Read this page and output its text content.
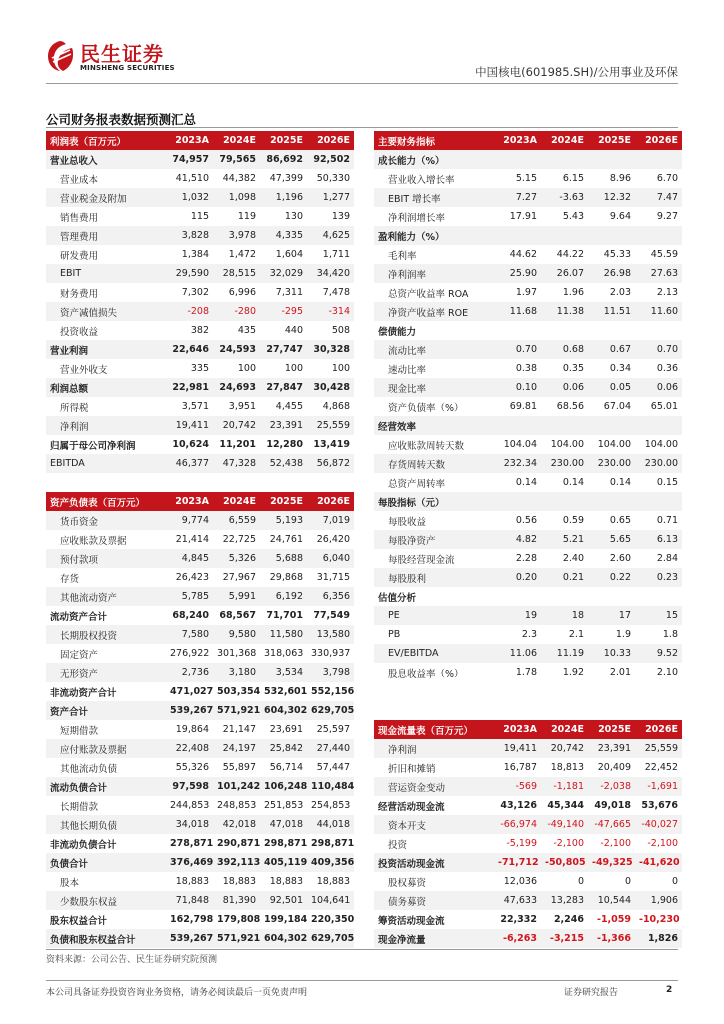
民生证券
MINSHENG SECURITIES	中国核电(601985.SH)/公用事业及环保
公司财务报表数据预测汇总
利润表（百万元）	2023A	2024E	2025E	2026E
营业总收入	74,957	79,565	86,692	92,502
营业成本	41,510	44,382	47,399	50,330
营业税金及附加	1,032	1,098	1,196	1,277
销售费用	115	119	130	139
管理费用	3,828	3,978	4,335	4,625
研发费用	1,384	1,472	1,604	1,711
EBIT	29,590	28,515	32,029	34,420
财务费用	7,302	6,996	7,311	7,478
资产减值损失	-208	-280	-295	-314
投资收益	382	435	440	508
营业利润	22,646	24,593	27,747	30,328
营业外收支	335	100	100	100
利润总额	22,981	24,693	27,847	30,428
所得税	3,571	3,951	4,455	4,868
净利润	19,411	20,742	23,391	25,559
归属于母公司净利润	10,624	11,201	12,280	13,419
EBITDA	46,377	47,328	52,438	56,872
资产负债表（百万元）	2023A	2024E	2025E	2026E
货币资金	9,774	6,559	5,193	7,019
应收账款及票据	21,414	22,725	24,761	26,420
预付款项	4,845	5,326	5,688	6,040
存货	26,423	27,967	29,868	31,715
其他流动资产	5,785	5,991	6,192	6,356
流动资产合计	68,240	68,567	71,701	77,549
长期股权投资	7,580	9,580	11,580	13,580
固定资产	276,922	301,368	318,063	330,937
无形资产	2,736	3,180	3,534	3,798
非流动资产合计	471,027	503,354	532,601	552,156
资产合计	539,267	571,921	604,302	629,705
短期借款	19,864	21,147	23,691	25,597
应付账款及票据	22,408	24,197	25,842	27,440
其他流动负债	55,326	55,897	56,714	57,447
流动负债合计	97,598	101,242	106,248	110,484
长期借款	244,853	248,853	251,853	254,853
其他长期负债	34,018	42,018	47,018	44,018
非流动负债合计	278,871	290,871	298,871	298,871
负债合计	376,469	392,113	405,119	409,356
股本	18,883	18,883	18,883	18,883
少数股东权益	71,848	81,390	92,501	104,641
股东权益合计	162,798	179,808	199,184	220,350
负债和股东权益合计	539,267	571,921	604,302	629,705
主要财务指标	2023A	2024E	2025E	2026E
成长能力（%）				
营业收入增长率	5.15	6.15	8.96	6.70
EBIT 增长率	7.27	-3.63	12.32	7.47
净利润增长率	17.91	5.43	9.64	9.27
盈利能力（%）				
毛利率	44.62	44.22	45.33	45.59
净利润率	25.90	26.07	26.98	27.63
总资产收益率 ROA	1.97	1.96	2.03	2.13
净资产收益率 ROE	11.68	11.38	11.51	11.60
偿债能力				
流动比率	0.70	0.68	0.67	0.70
速动比率	0.38	0.35	0.34	0.36
现金比率	0.10	0.06	0.05	0.06
资产负债率（%）	69.81	68.56	67.04	65.01
经营效率				
应收账款周转天数	104.04	104.00	104.00	104.00
存货周转天数	232.34	230.00	230.00	230.00
总资产周转率	0.14	0.14	0.14	0.15
每股指标（元）				
每股收益	0.56	0.59	0.65	0.71
每股净资产	4.82	5.21	5.65	6.13
每股经营现金流	2.28	2.40	2.60	2.84
每股股利	0.20	0.21	0.22	0.23
估值分析				
PE	19	18	17	15
PB	2.3	2.1	1.9	1.8
EV/EBITDA	11.06	11.19	10.33	9.52
股息收益率（%）	1.78	1.92	2.01	2.10
现金流量表（百万元）	2023A	2024E	2025E	2026E
净利润	19,411	20,742	23,391	25,559
折旧和摊销	16,787	18,813	20,409	22,452
营运资金变动	-569	-1,181	-2,038	-1,691
经营活动现金流	43,126	45,344	49,018	53,676
资本开支	-66,974	-49,140	-47,665	-40,027
投资	-5,199	-2,100	-2,100	-2,100
投资活动现金流	-71,712	-50,805	-49,325	-41,620
股权募资	12,036	0	0	0
债务募资	47,633	13,283	10,544	1,906
筹资活动现金流	22,332	2,246	-1,059	-10,230
现金净流量	-6,263	-3,215	-1,366	1,826
资料来源：公司公告、民生证券研究院预测
本公司具备证券投资咨询业务资格，请务必阅读最后一页免责声明	证券研究报告	2
